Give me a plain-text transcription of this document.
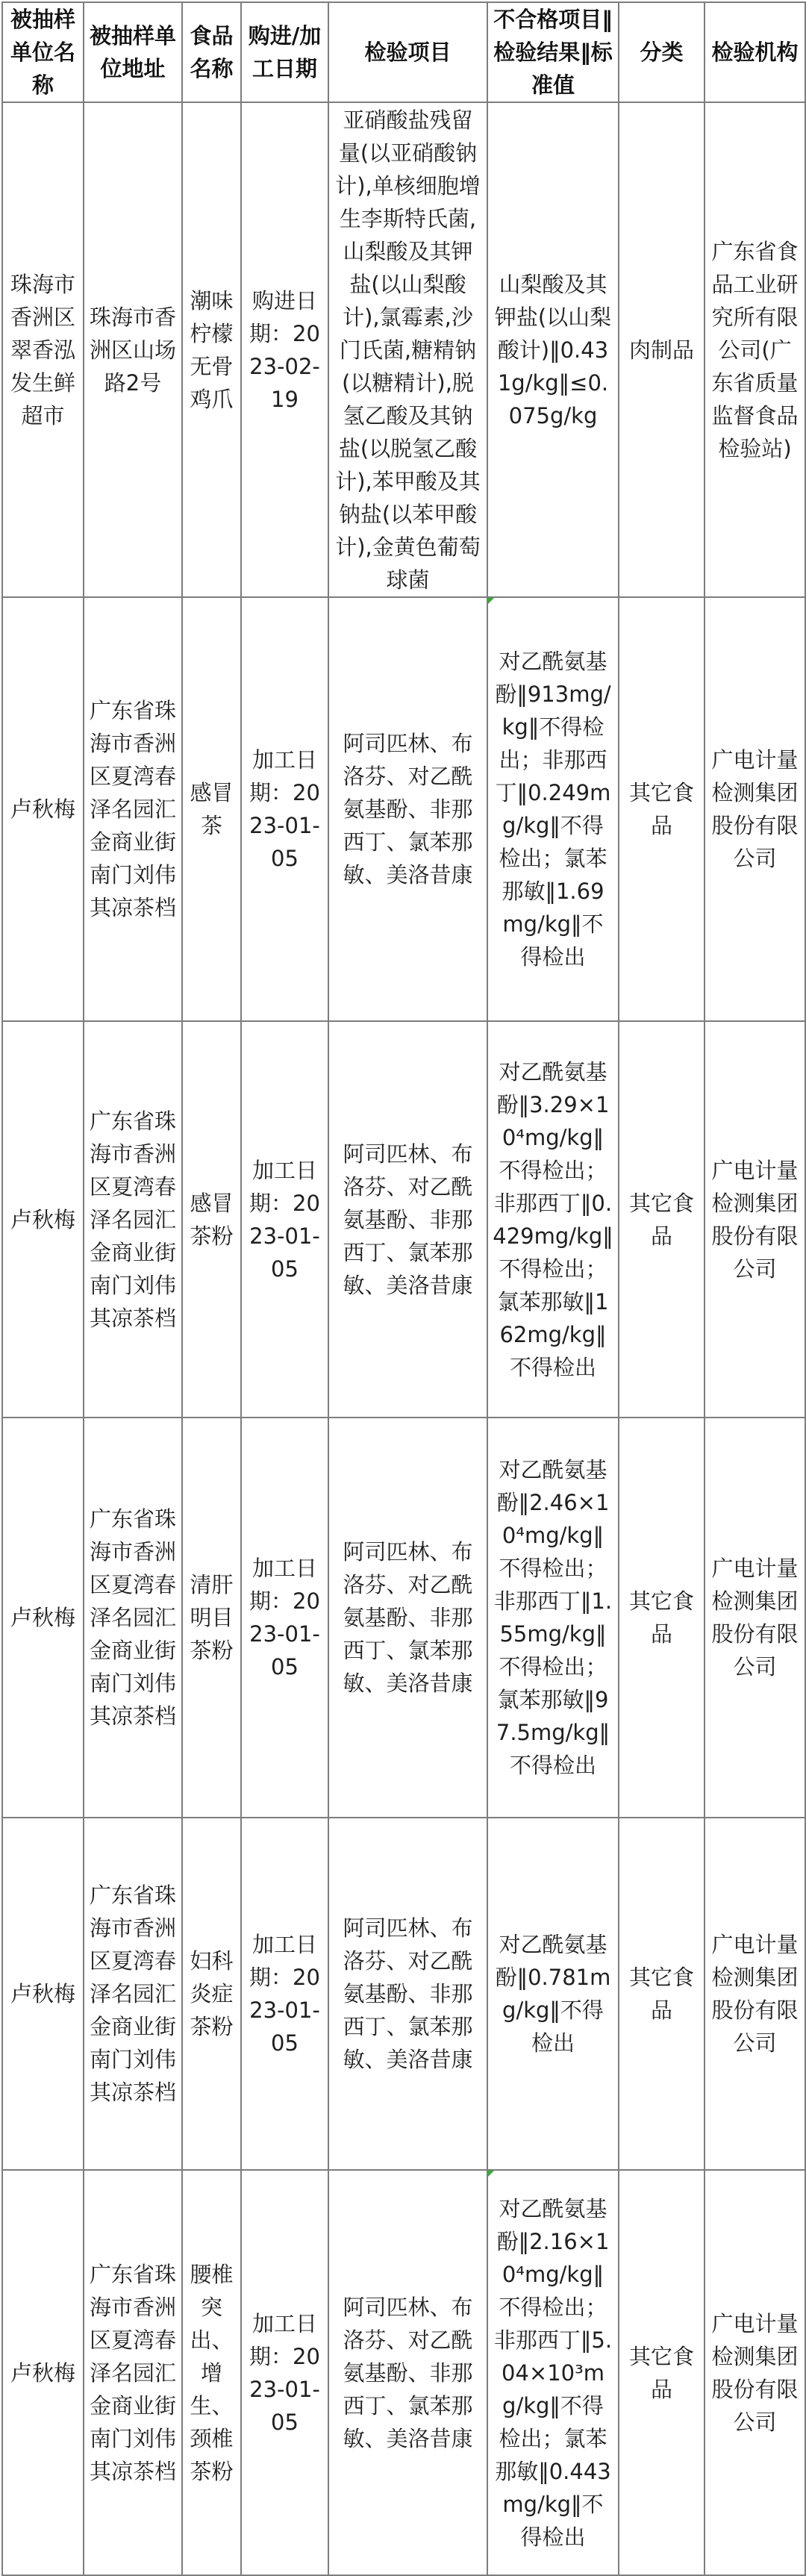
被抽样单位名称	被抽样单位地址	食品名称	购进/加工日期	检验项目	不合格项目‖检验结果‖标准值	分类	检验机构
珠海市香洲区翠香泓发生鲜超市	珠海市香洲区山场路2号	潮味柠檬无骨鸡爪	购进日期：2023-02-19	亚硝酸盐残留量(以亚硝酸钠计),单核细胞增生李斯特氏菌,山梨酸及其钾盐(以山梨酸计),氯霉素,沙门氏菌,糖精钠(以糖精计),脱氢乙酸及其钠盐(以脱氢乙酸计),苯甲酸及其钠盐(以苯甲酸计),金黄色葡萄球菌	山梨酸及其钾盐(以山梨酸计)‖0.431g/kg‖≤0.075g/kg	肉制品	广东省食品工业研究所有限公司(广东省质量监督食品检验站)
卢秋梅	广东省珠海市香洲区夏湾春泽名园汇金商业街南门刘伟其凉茶档	感冒茶	加工日期：2023-01-05	阿司匹林、布洛芬、对乙酰氨基酚、非那西丁、氯苯那敏、美洛昔康	对乙酰氨基酚‖913mg/kg‖不得检出；非那西丁‖0.249mg/kg‖不得检出；氯苯那敏‖1.69mg/kg‖不得检出	其它食品	广电计量检测集团股份有限公司
卢秋梅	广东省珠海市香洲区夏湾春泽名园汇金商业街南门刘伟其凉茶档	感冒茶粉	加工日期：2023-01-05	阿司匹林、布洛芬、对乙酰氨基酚、非那西丁、氯苯那敏、美洛昔康	对乙酰氨基酚‖3.29×10⁴mg/kg‖不得检出；非那西丁‖0.429mg/kg‖不得检出；氯苯那敏‖162mg/kg‖不得检出	其它食品	广电计量检测集团股份有限公司
卢秋梅	广东省珠海市香洲区夏湾春泽名园汇金商业街南门刘伟其凉茶档	清肝明目茶粉	加工日期：2023-01-05	阿司匹林、布洛芬、对乙酰氨基酚、非那西丁、氯苯那敏、美洛昔康	对乙酰氨基酚‖2.46×10⁴mg/kg‖不得检出；非那西丁‖1.55mg/kg‖不得检出；氯苯那敏‖97.5mg/kg‖不得检出	其它食品	广电计量检测集团股份有限公司
卢秋梅	广东省珠海市香洲区夏湾春泽名园汇金商业街南门刘伟其凉茶档	妇科炎症茶粉	加工日期：2023-01-05	阿司匹林、布洛芬、对乙酰氨基酚、非那西丁、氯苯那敏、美洛昔康	对乙酰氨基酚‖0.781mg/kg‖不得检出	其它食品	广电计量检测集团股份有限公司
卢秋梅	广东省珠海市香洲区夏湾春泽名园汇金商业街南门刘伟其凉茶档	腰椎突出、增生、颈椎茶粉	加工日期：2023-01-05	阿司匹林、布洛芬、对乙酰氨基酚、非那西丁、氯苯那敏、美洛昔康	对乙酰氨基酚‖2.16×10⁴mg/kg‖不得检出；非那西丁‖5.04×10³mg/kg‖不得检出；氯苯那敏‖0.443mg/kg‖不得检出	其它食品	广电计量检测集团股份有限公司
